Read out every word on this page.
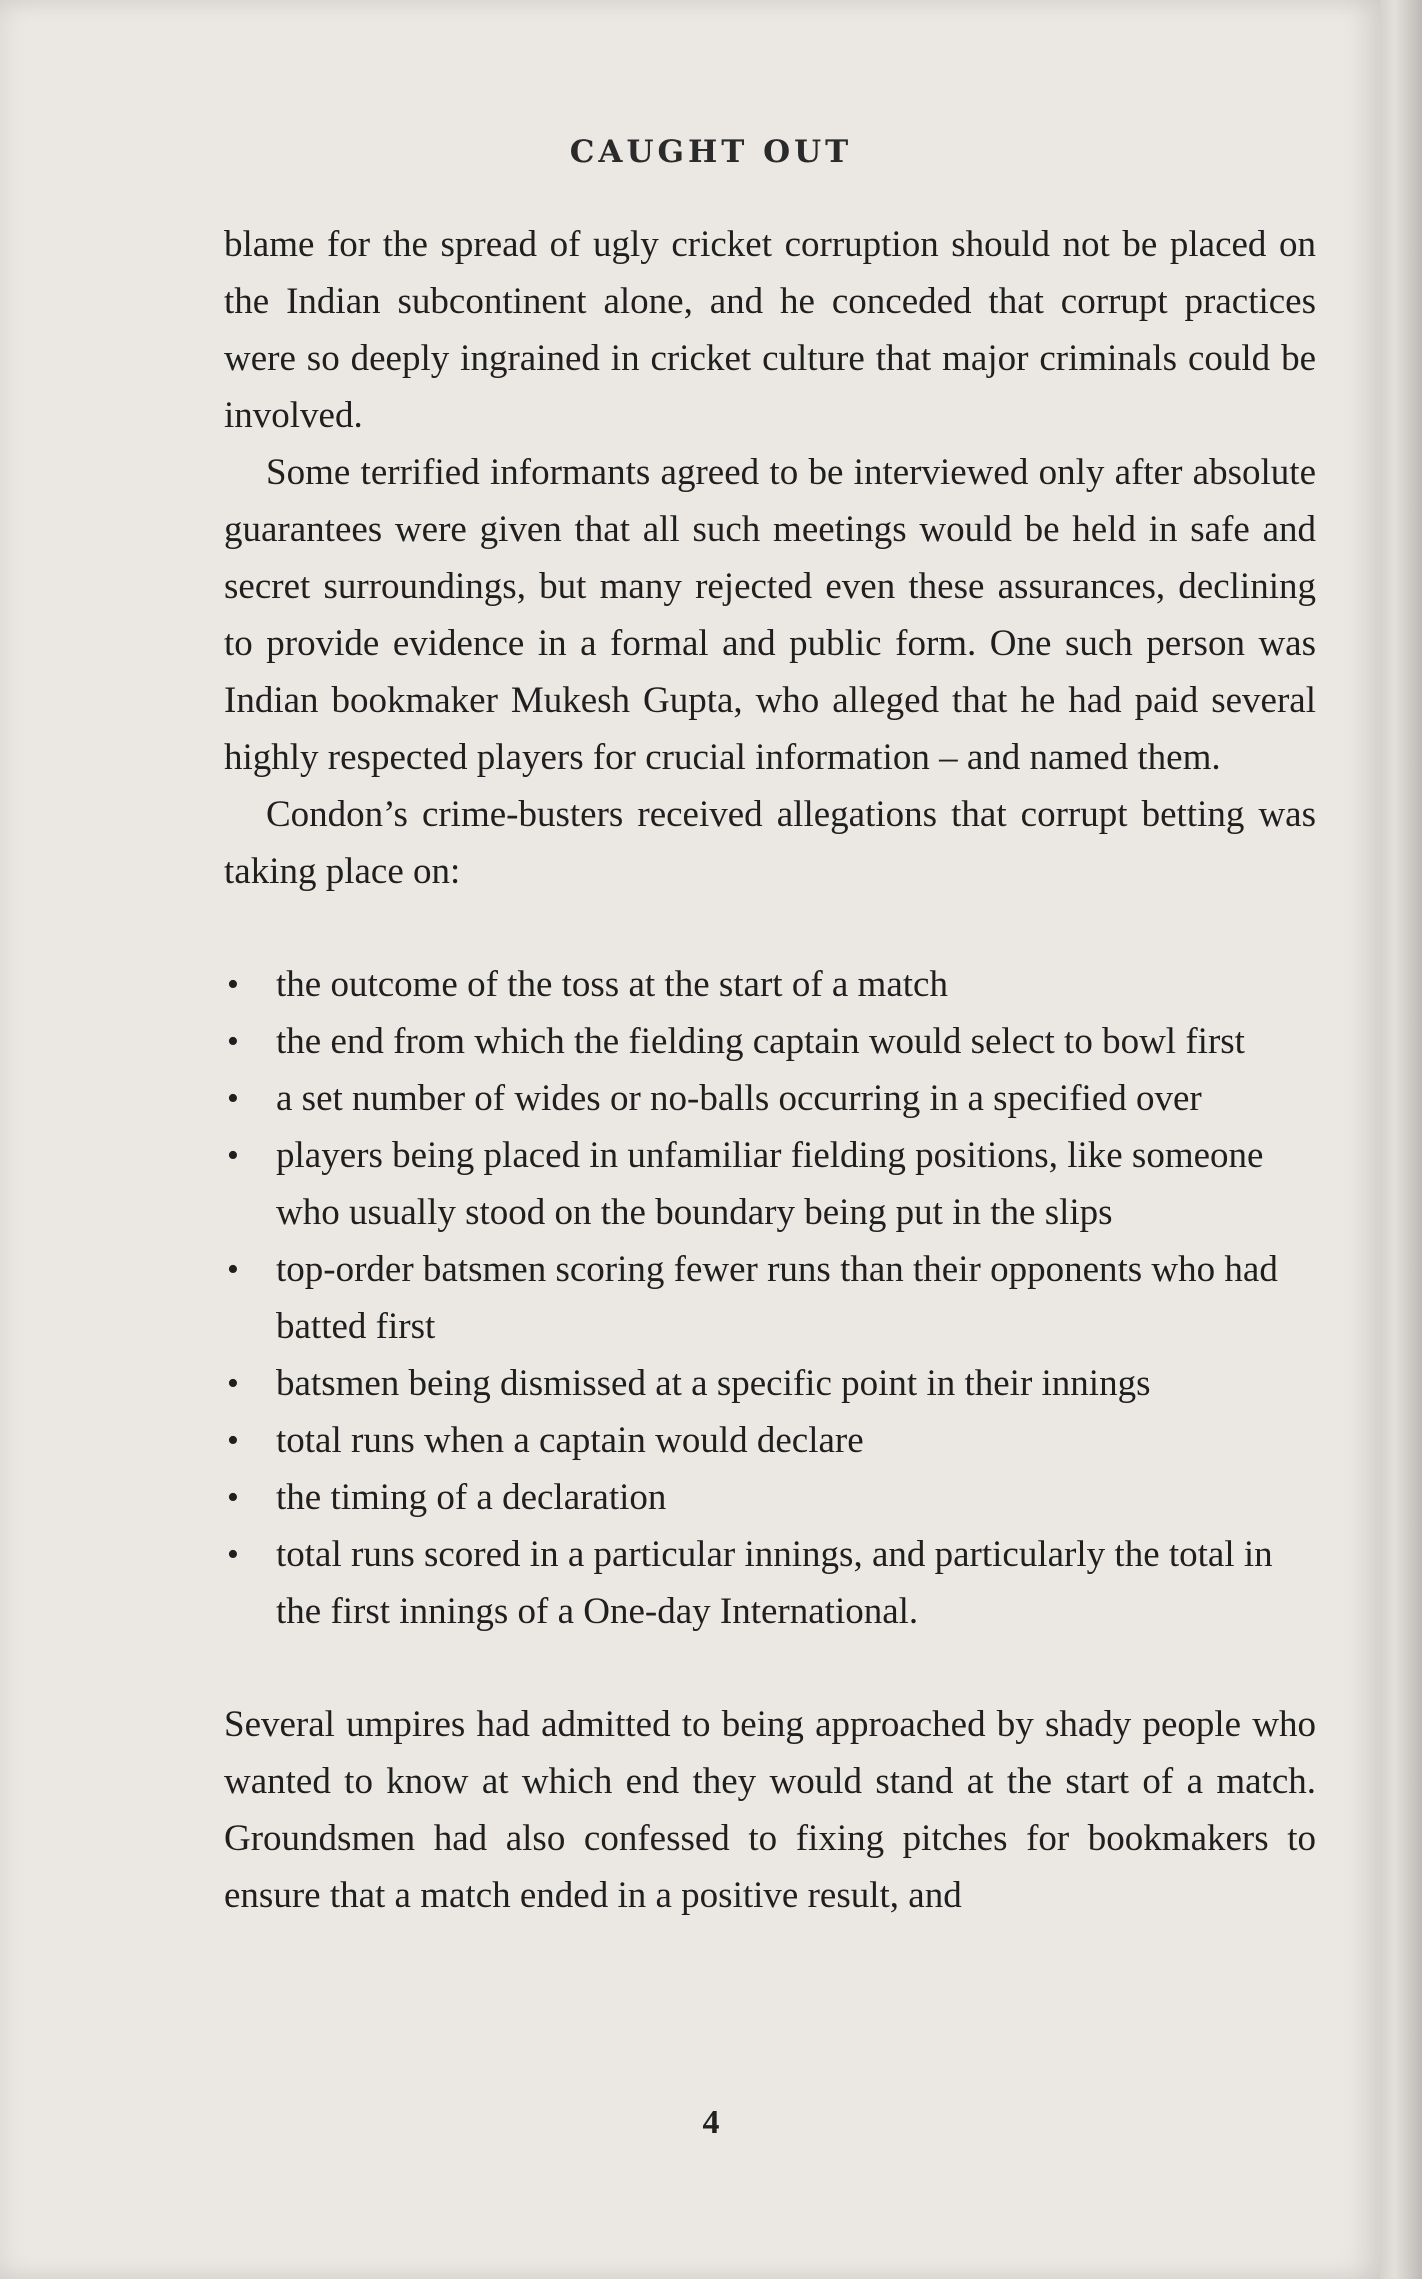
CAUGHT OUT

blame for the spread of ugly cricket corruption should not be placed on the Indian subcontinent alone, and he conceded that corrupt practices were so deeply ingrained in cricket culture that major criminals could be involved.

Some terrified informants agreed to be interviewed only after absolute guarantees were given that all such meetings would be held in safe and secret surroundings, but many rejected even these assurances, declining to provide evidence in a formal and public form. One such person was Indian bookmaker Mukesh Gupta, who alleged that he had paid several highly respected players for crucial information – and named them.

Condon’s crime-busters received allegations that corrupt betting was taking place on:

• the outcome of the toss at the start of a match
• the end from which the fielding captain would select to bowl first
• a set number of wides or no-balls occurring in a specified over
• players being placed in unfamiliar fielding positions, like someone who usually stood on the boundary being put in the slips
• top-order batsmen scoring fewer runs than their opponents who had batted first
• batsmen being dismissed at a specific point in their innings
• total runs when a captain would declare
• the timing of a declaration
• total runs scored in a particular innings, and particularly the total in the first innings of a One-day International.

Several umpires had admitted to being approached by shady people who wanted to know at which end they would stand at the start of a match. Groundsmen had also confessed to fixing pitches for bookmakers to ensure that a match ended in a positive result, and

4
